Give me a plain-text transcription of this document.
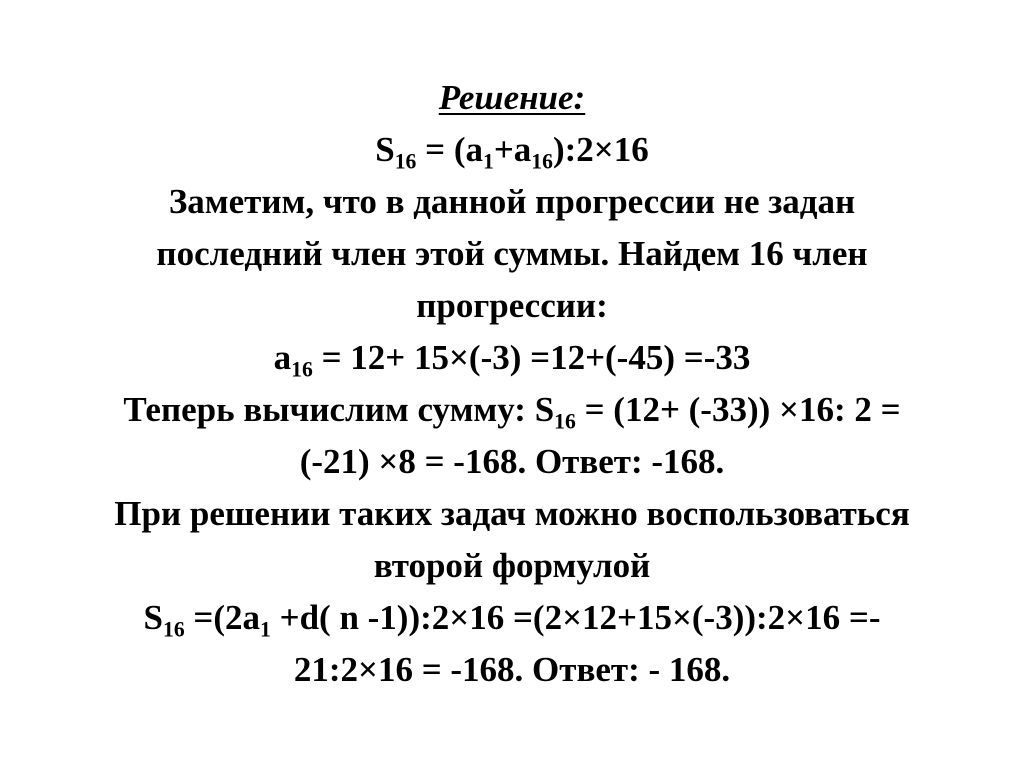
Решение:
$S_{16}$ = $(a_1+a_{16}):2\times 16$
Заметим, что в данной прогрессии не задан
последний член этой суммы. Найдем 16 член
прогрессии:
$a_{16} = 12+ 15\times(-3) =12+(-45) =-33$
Теперь вычислим сумму: $S_{16} = (12+ (-33)) \times 16$: 2 =
(-21) ×8 = -168. Ответ: -168.
При решении таких задач можно воспользоваться
второй формулой
$S_{16} =(2a_1 +d$( n -1)):2×16 =(2×12+15×(-3)):2×16 =-
21:2×16 = -168. Ответ: - 168.
